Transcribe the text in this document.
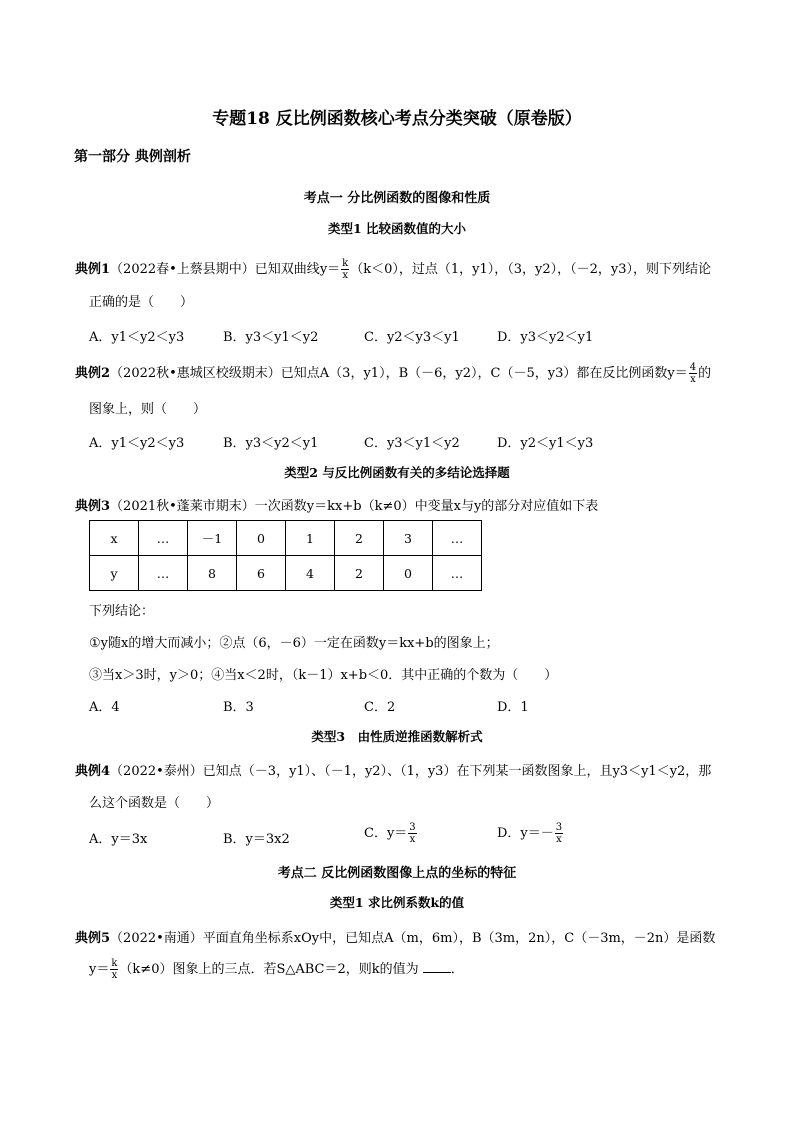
专题18 反比例函数核心考点分类突破（原卷版）
第一部分 典例剖析
考点一 分比例函数的图像和性质
类型1 比较函数值的大小
典例1（2022春•上蔡县期中）已知双曲线$y= \frac{k}{x} (k<0)$，过点（1，y1），（3，y2），（－2，y3），则下列结论
正确的是（　　）
A．y1＜y2＜y3	B．y3＜y1＜y2	C．y2＜y3＜y1	D．y3＜y2＜y1
典例2（2022秋•惠城区校级期末）已知点A（3，y1），B（－6，y2），C（－5，y3）都在反比例函数$y= \frac{4}{x}$ 的
图象上，则（　　）
A．y1＜y2＜y3	B．y3＜y2＜y1	C．y3＜y1＜y2	D．y2＜y1＜y3
类型2 与反比例函数有关的多结论选择题
典例3（2021秋•蓬莱市期末）一次函数y＝kx+b（k≠0）中变量x与y的部分对应值如下表
x	…	－1	0	1	2	3	…
y	…	8	6	4	2	0	…
下列结论：
①y随x的增大而减小；②点（6，－6）一定在函数y＝kx+b的图象上；
③当x＞3时，y＞0；④当x＜2时，（k－1）x+b＜0．其中正确的个数为（　　）
A．4	B．3	C．2	D．1
类型3　由性质逆推函数解析式
典例4（2022•泰州）已知点（－3，y1）、（－1，y2）、（1，y3）在下列某一函数图象上，且y3＜y1＜y2，那
么这个函数是（　　）
A．y＝3x	B．y＝3x2	C．$y= \frac{3}{x}$	D．$y=- \frac{3}{x}$
考点二 反比例函数图像上点的坐标的特征
类型1 求比例系数k的值
典例5（2022•南通）平面直角坐标系xOy中，已知点A（m，6m），B（3m，2n），C（－3m，－2n）是函数
$y= \frac{k}{x} (k\ne 0)$图象上的三点．若S△ABC＝2，则k的值为 ．
